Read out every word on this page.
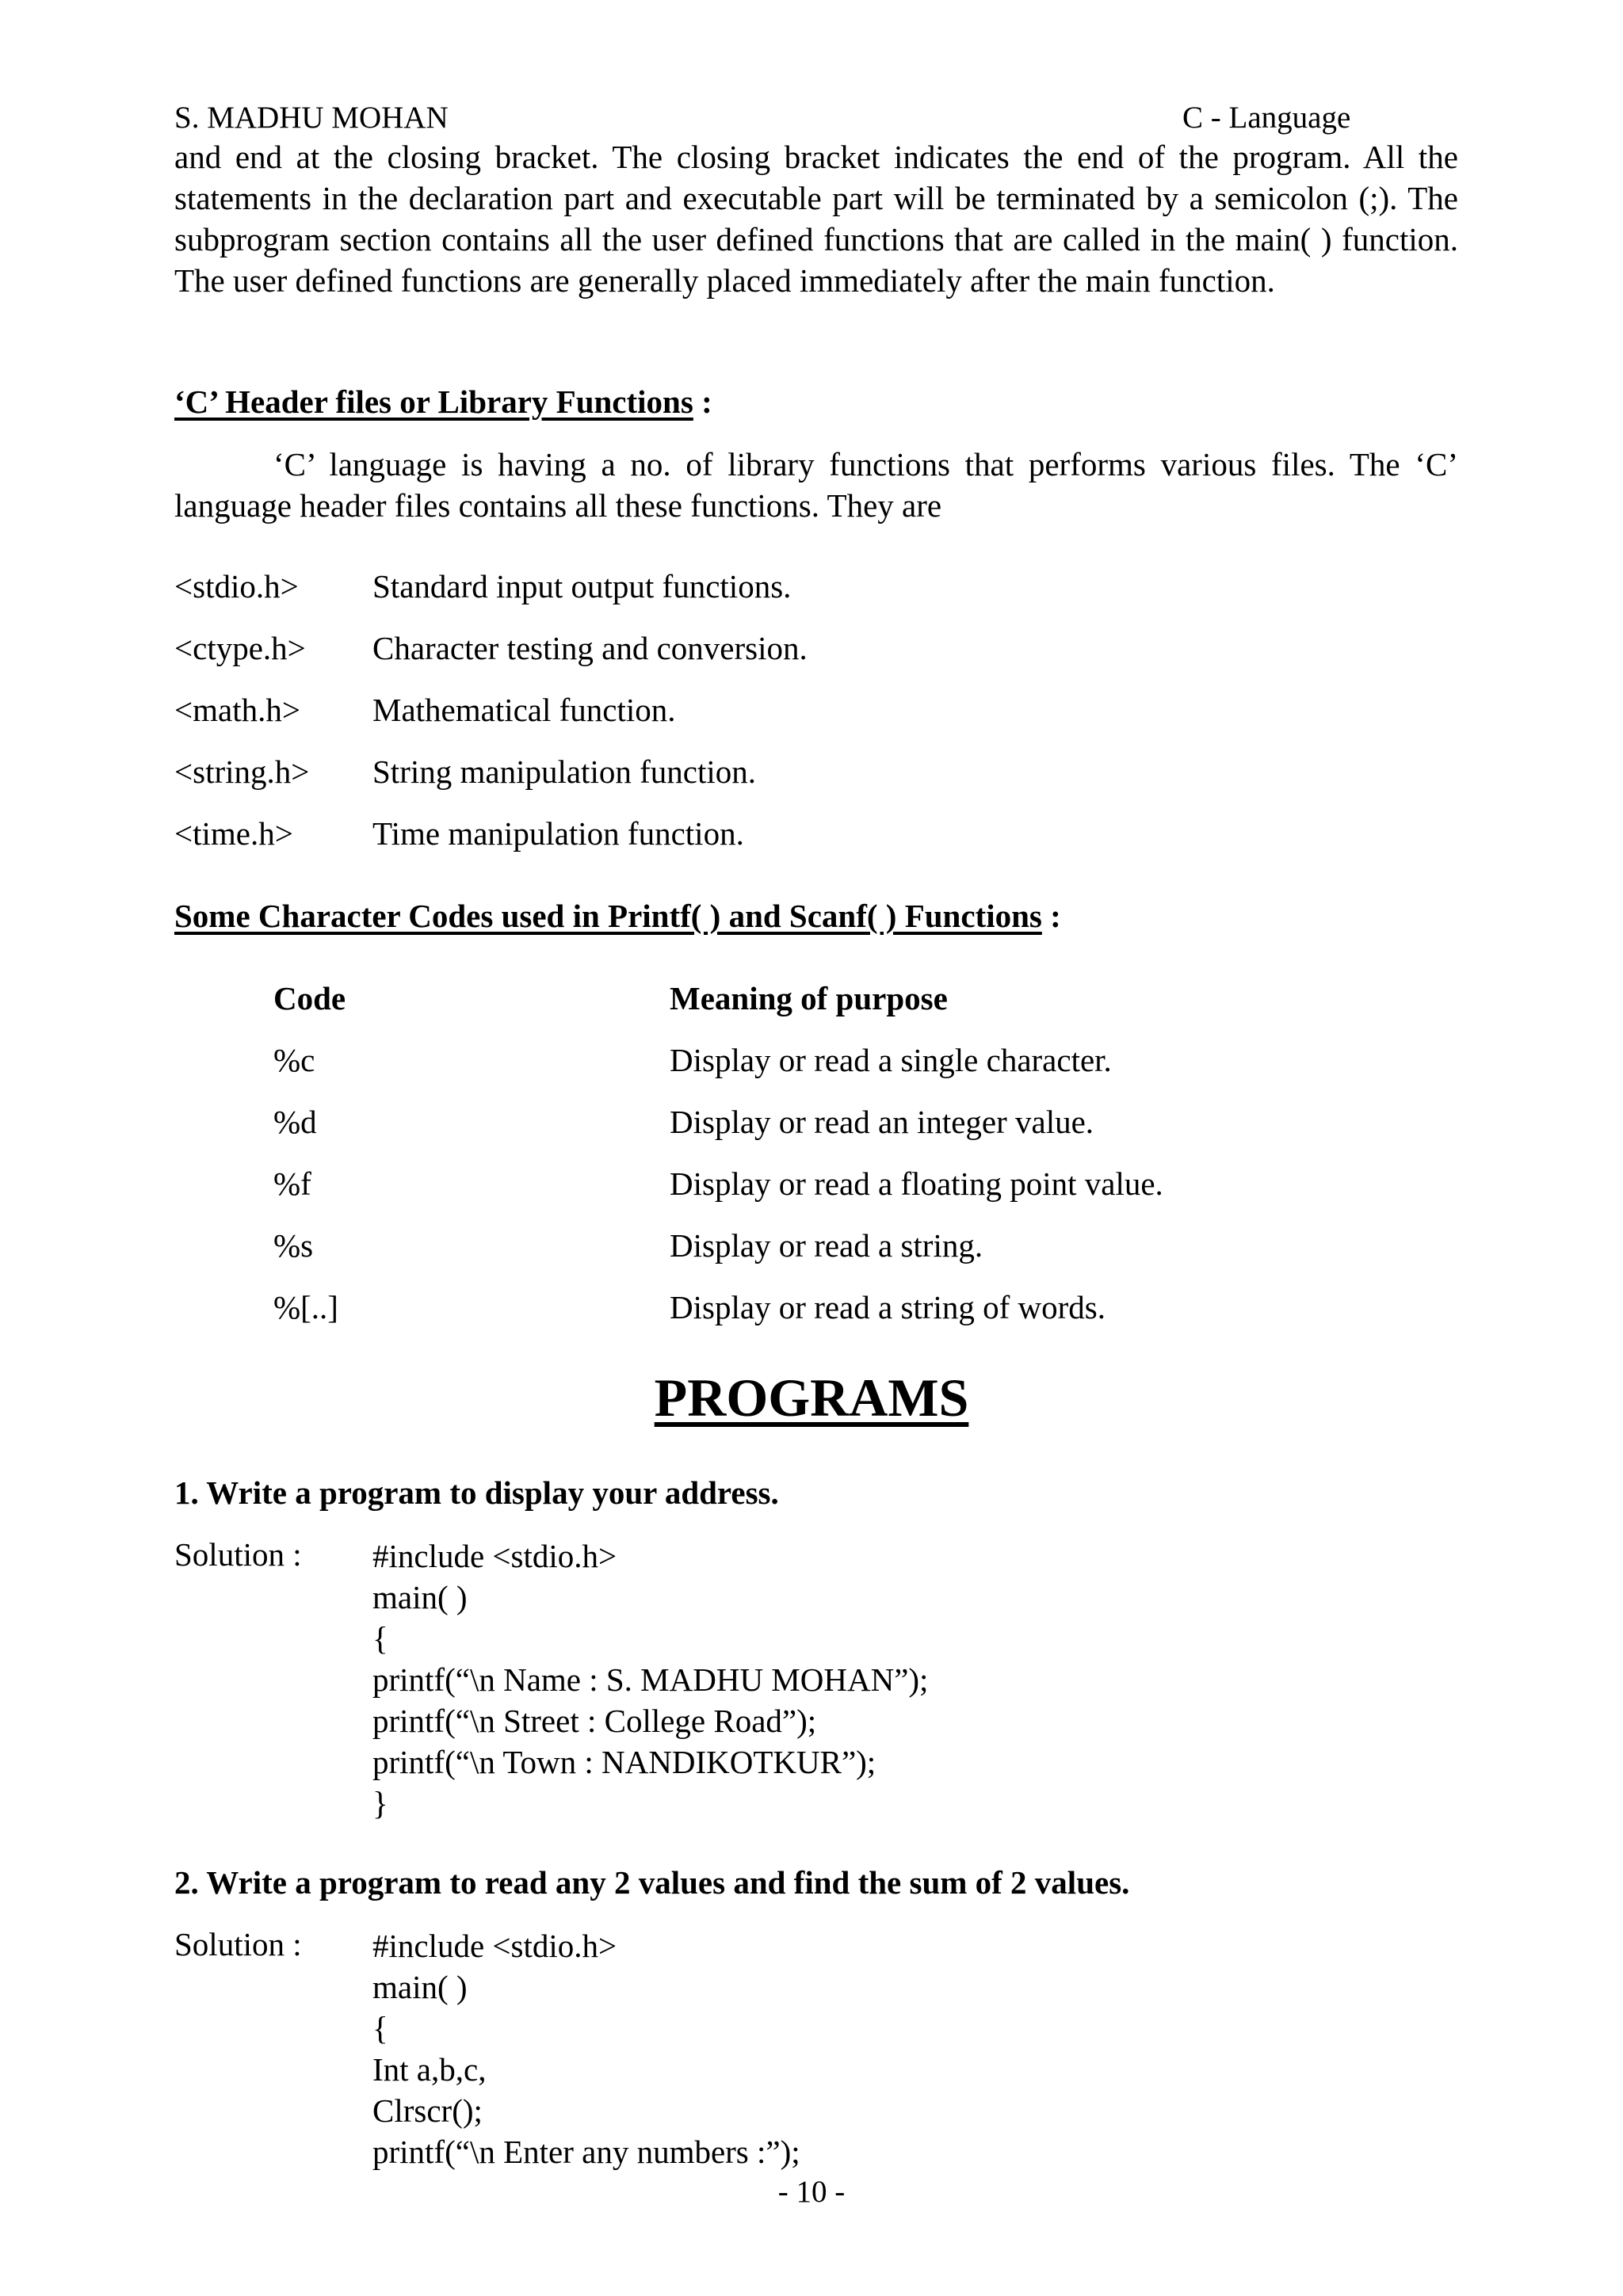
S. MADHU MOHAN	C - Language
and end at the closing bracket. The closing bracket indicates the end of the program. All the statements in the declaration part and executable part will be terminated by a semicolon (;). The subprogram section contains all the user defined functions that are called in the main( ) function. The user defined functions are generally placed immediately after the main function.
‘C’ Header files or Library Functions :
‘C’ language is having a no. of library functions that performs various files. The ‘C’ language header files contains all these functions. They are
<stdio.h> Standard input output functions.
<ctype.h> Character testing and conversion.
<math.h> Mathematical function.
<string.h> String manipulation function.
<time.h> Time manipulation function.
Some Character Codes used in Printf( ) and Scanf( ) Functions :
Code	Meaning of purpose
%c	Display or read a single character.
%d	Display or read an integer value.
%f	Display or read a floating point value.
%s	Display or read a string.
%[..]	Display or read a string of words.
PROGRAMS
1. Write a program to display your address.
Solution : #include <stdio.h>
main( )
{
printf(“\n Name : S. MADHU MOHAN”);
printf(“\n Street : College Road”);
printf(“\n Town : NANDIKOTKUR”);
}
2. Write a program to read any 2 values and find the sum of 2 values.
Solution : #include <stdio.h>
main( )
{
Int a,b,c,
Clrscr();
printf(“\n Enter any numbers :”);
- 10 -
